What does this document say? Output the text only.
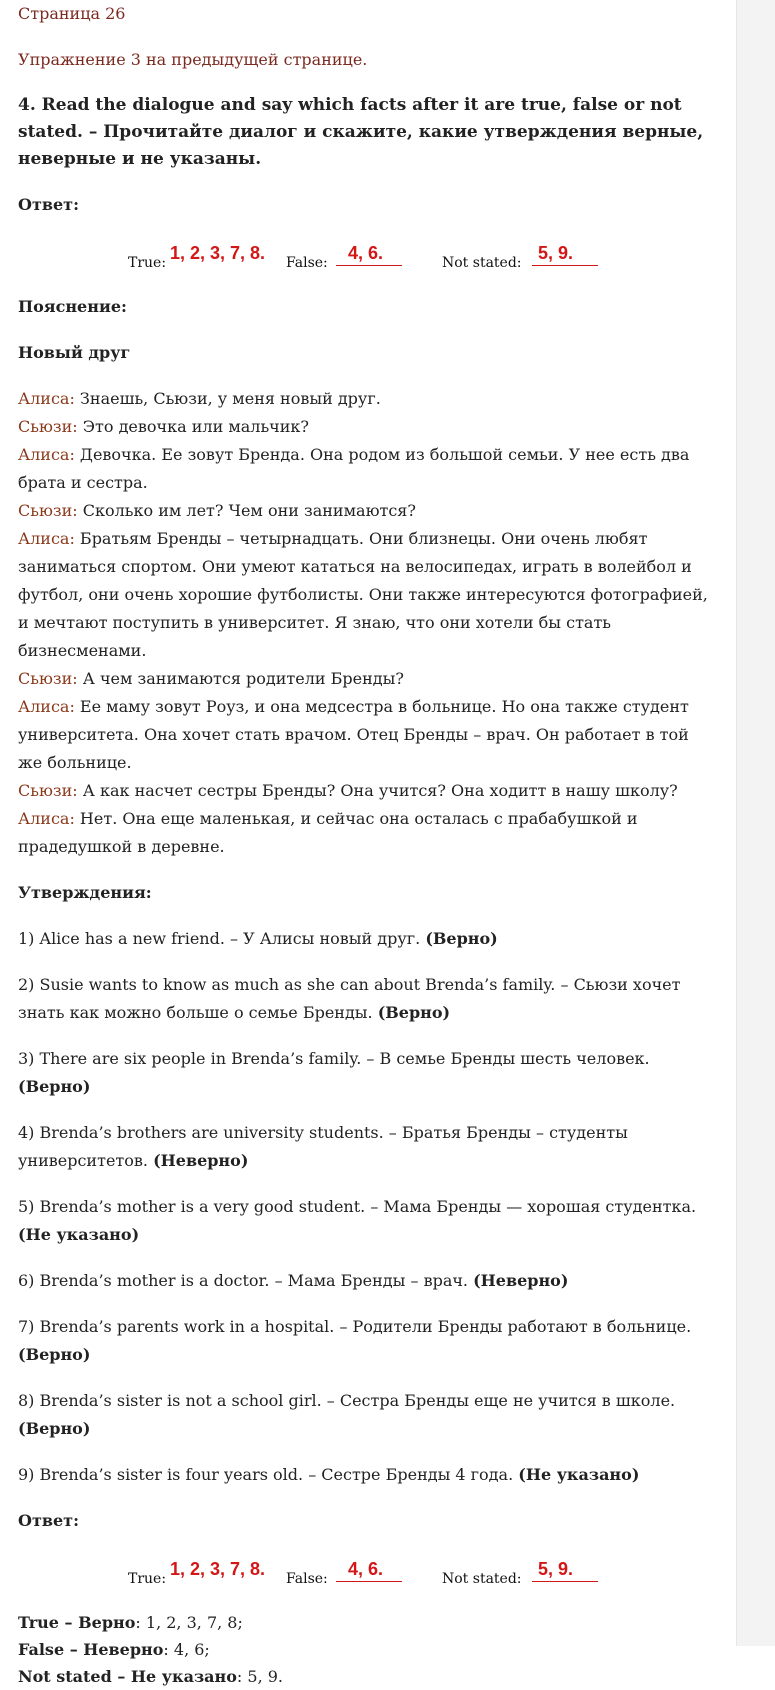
Страница 26

Упражнение 3 на предыдущей странице.

4. Read the dialogue and say which facts after it are true, false or not stated. – Прочитайте диалог и скажите, какие утверждения верные, неверные и не указаны.

Ответ:

True: 1, 2, 3, 7, 8. False: 4, 6.	Not stated: 5, 9.

Пояснение:

Новый друг

Алиса: Знаешь, Сьюзи, у меня новый друг.

Сьюзи: Это девочка или мальчик?

Алиса: Девочка. Ее зовут Бренда. Она родом из большой семьи. У нее есть два брата и сестра.

Сьюзи: Сколько им лет? Чем они занимаются?

Алиса: Братьям Бренды – четырнадцать. Они близнецы. Они очень любят заниматься спортом. Они умеют кататься на велосипедах, играть в волейбол и футбол, они очень хорошие футболисты. Они также интересуются фотографией, и мечтают поступить в университет. Я знаю, что они хотели бы стать бизнесменами.

Сьюзи: А чем занимаются родители Бренды?

Алиса: Ее маму зовут Роуз, и она медсестра в больнице. Но она также студент университета. Она хочет стать врачом. Отец Бренды – врач. Он работает в той же больнице.

Сьюзи: А как насчет сестры Бренды? Она учится? Она ходитт в нашу школу?

Алиса: Нет. Она еще маленькая, и сейчас она осталась с прабабушкой и прадедушкой в деревне.

Утверждения:

1) Alice has a new friend. – У Алисы новый друг. (Верно)

2) Susie wants to know as much as she can about Brenda’s family. – Сьюзи хочет знать как можно больше о семье Бренды. (Верно)

3) There are six people in Brenda’s family. – В семье Бренды шесть человек. (Верно)

4) Brenda’s brothers are university students. – Братья Бренды – студенты университетов. (Неверно)

5) Brenda’s mother is a very good student. – Мама Бренды — хорошая студентка. (Не указано)

6) Brenda’s mother is a doctor. – Мама Бренды – врач. (Неверно)

7) Brenda’s parents work in a hospital. – Родители Бренды работают в больнице. (Верно)

8) Brenda’s sister is not a school girl. – Сестра Бренды еще не учится в школе. (Верно)

9) Brenda’s sister is four years old. – Сестре Бренды 4 года. (Не указано)

Ответ:

True: 1, 2, 3, 7, 8. False: 4, 6.	Not stated: 5, 9.

True – Верно: 1, 2, 3, 7, 8;

False – Неверно: 4, 6;

Not stated – Не указано: 5, 9.
